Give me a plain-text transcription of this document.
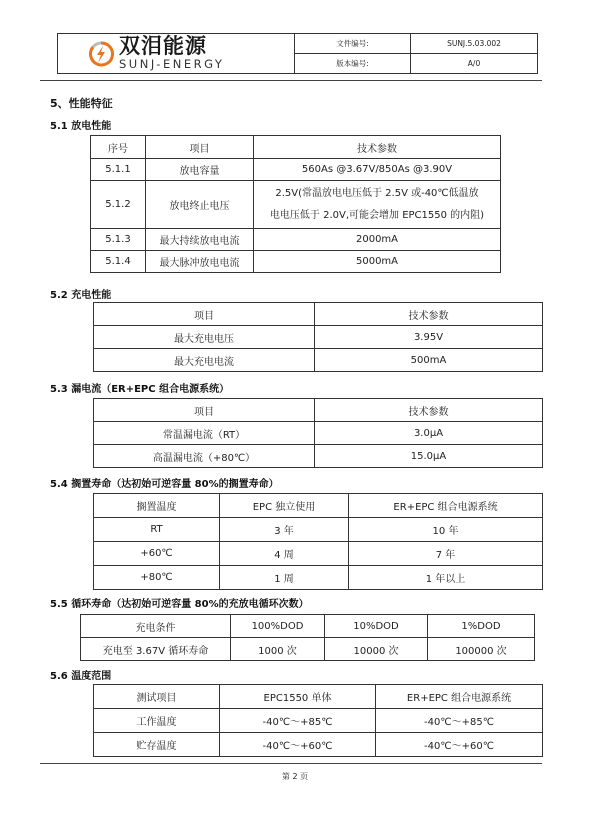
双泪能源
SUNJ-ENERGY	文件编号:	SUNJ.5.03.002
	版本编号:	A/0
5、性能特征
5.1 放电性能
序号	项目	技术参数
5.1.1	放电容量	560As @3.67V/850As @3.90V
5.1.2	放电终止电压	2.5V(常温放电电压低于 2.5V 或-40℃低温放
电电压低于 2.0V,可能会增加 EPC1550 的内阻)

5.1.3	最大持续放电电流	2000mA
5.1.4	最大脉冲放电电流	5000mA
5.2 充电性能
项目	技术参数
最大充电电压	3.95V
最大充电电流	500mA
5.3 漏电流（ER+EPC 组合电源系统）
项目	技术参数
常温漏电流（RT）	3.0μA
高温漏电流（+80℃）	15.0μA
5.4 搁置寿命（达初始可逆容量 80%的搁置寿命）
搁置温度	EPC 独立使用	ER+EPC 组合电源系统
RT	3 年	10 年
+60℃	4 周	7 年
+80℃	1 周	1 年以上
5.5 循环寿命（达初始可逆容量 80%的充放电循环次数）
充电条件	100%DOD	10%DOD	1%DOD
充电至 3.67V 循环寿命	1000 次	10000 次	100000 次
5.6 温度范围
测试项目	EPC1550 单体	ER+EPC 组合电源系统
工作温度	-40℃～+85℃	-40℃～+85℃
贮存温度	-40℃～+60℃	-40℃～+60℃
第 2 页
